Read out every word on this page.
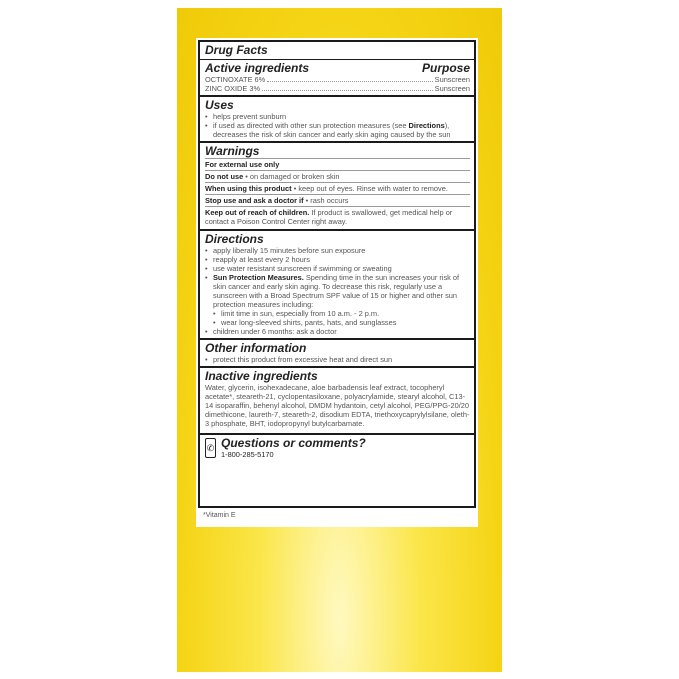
Drug Facts
Active ingredients	Purpose
OCTINOXATE 6%	Sunscreen
ZINC OXIDE 3%	Sunscreen
Uses
• helps prevent sunburn
• if used as directed with other sun protection measures (see Directions), decreases the risk of skin cancer and early skin aging caused by the sun
Warnings
For external use only
Do not use • on damaged or broken skin
When using this product • keep out of eyes. Rinse with water to remove.
Stop use and ask a doctor if • rash occurs
Keep out of reach of children. If product is swallowed, get medical help or contact a Poison Control Center right away.
Directions
• apply liberally 15 minutes before sun exposure
• reapply at least every 2 hours
• use water resistant sunscreen if swimming or sweating
• Sun Protection Measures. Spending time in the sun increases your risk of skin cancer and early skin aging. To decrease this risk, regularly use a sunscreen with a Broad Spectrum SPF value of 15 or higher and other sun protection measures including:
• limit time in sun, especially from 10 a.m. - 2 p.m.
• wear long-sleeved shirts, pants, hats, and sunglasses
• children under 6 months: ask a doctor
Other information
• protect this product from excessive heat and direct sun
Inactive ingredients
Water, glycerin, isohexadecane, aloe barbadensis leaf extract, tocopheryl acetate*, steareth-21, cyclopentasiloxane, polyacrylamide, stearyl alcohol, C13-14 isoparaffin, behenyl alcohol, DMDM hydantoin, cetyl alcohol, PEG/PPG-20/20 dimethicone, laureth-7, steareth-2, disodium EDTA, triethoxycaprylylsilane, oleth-3 phosphate, BHT, iodopropynyl butylcarbamate.
✆ Questions or comments?
1-800-285-5170
*Vitamin E
